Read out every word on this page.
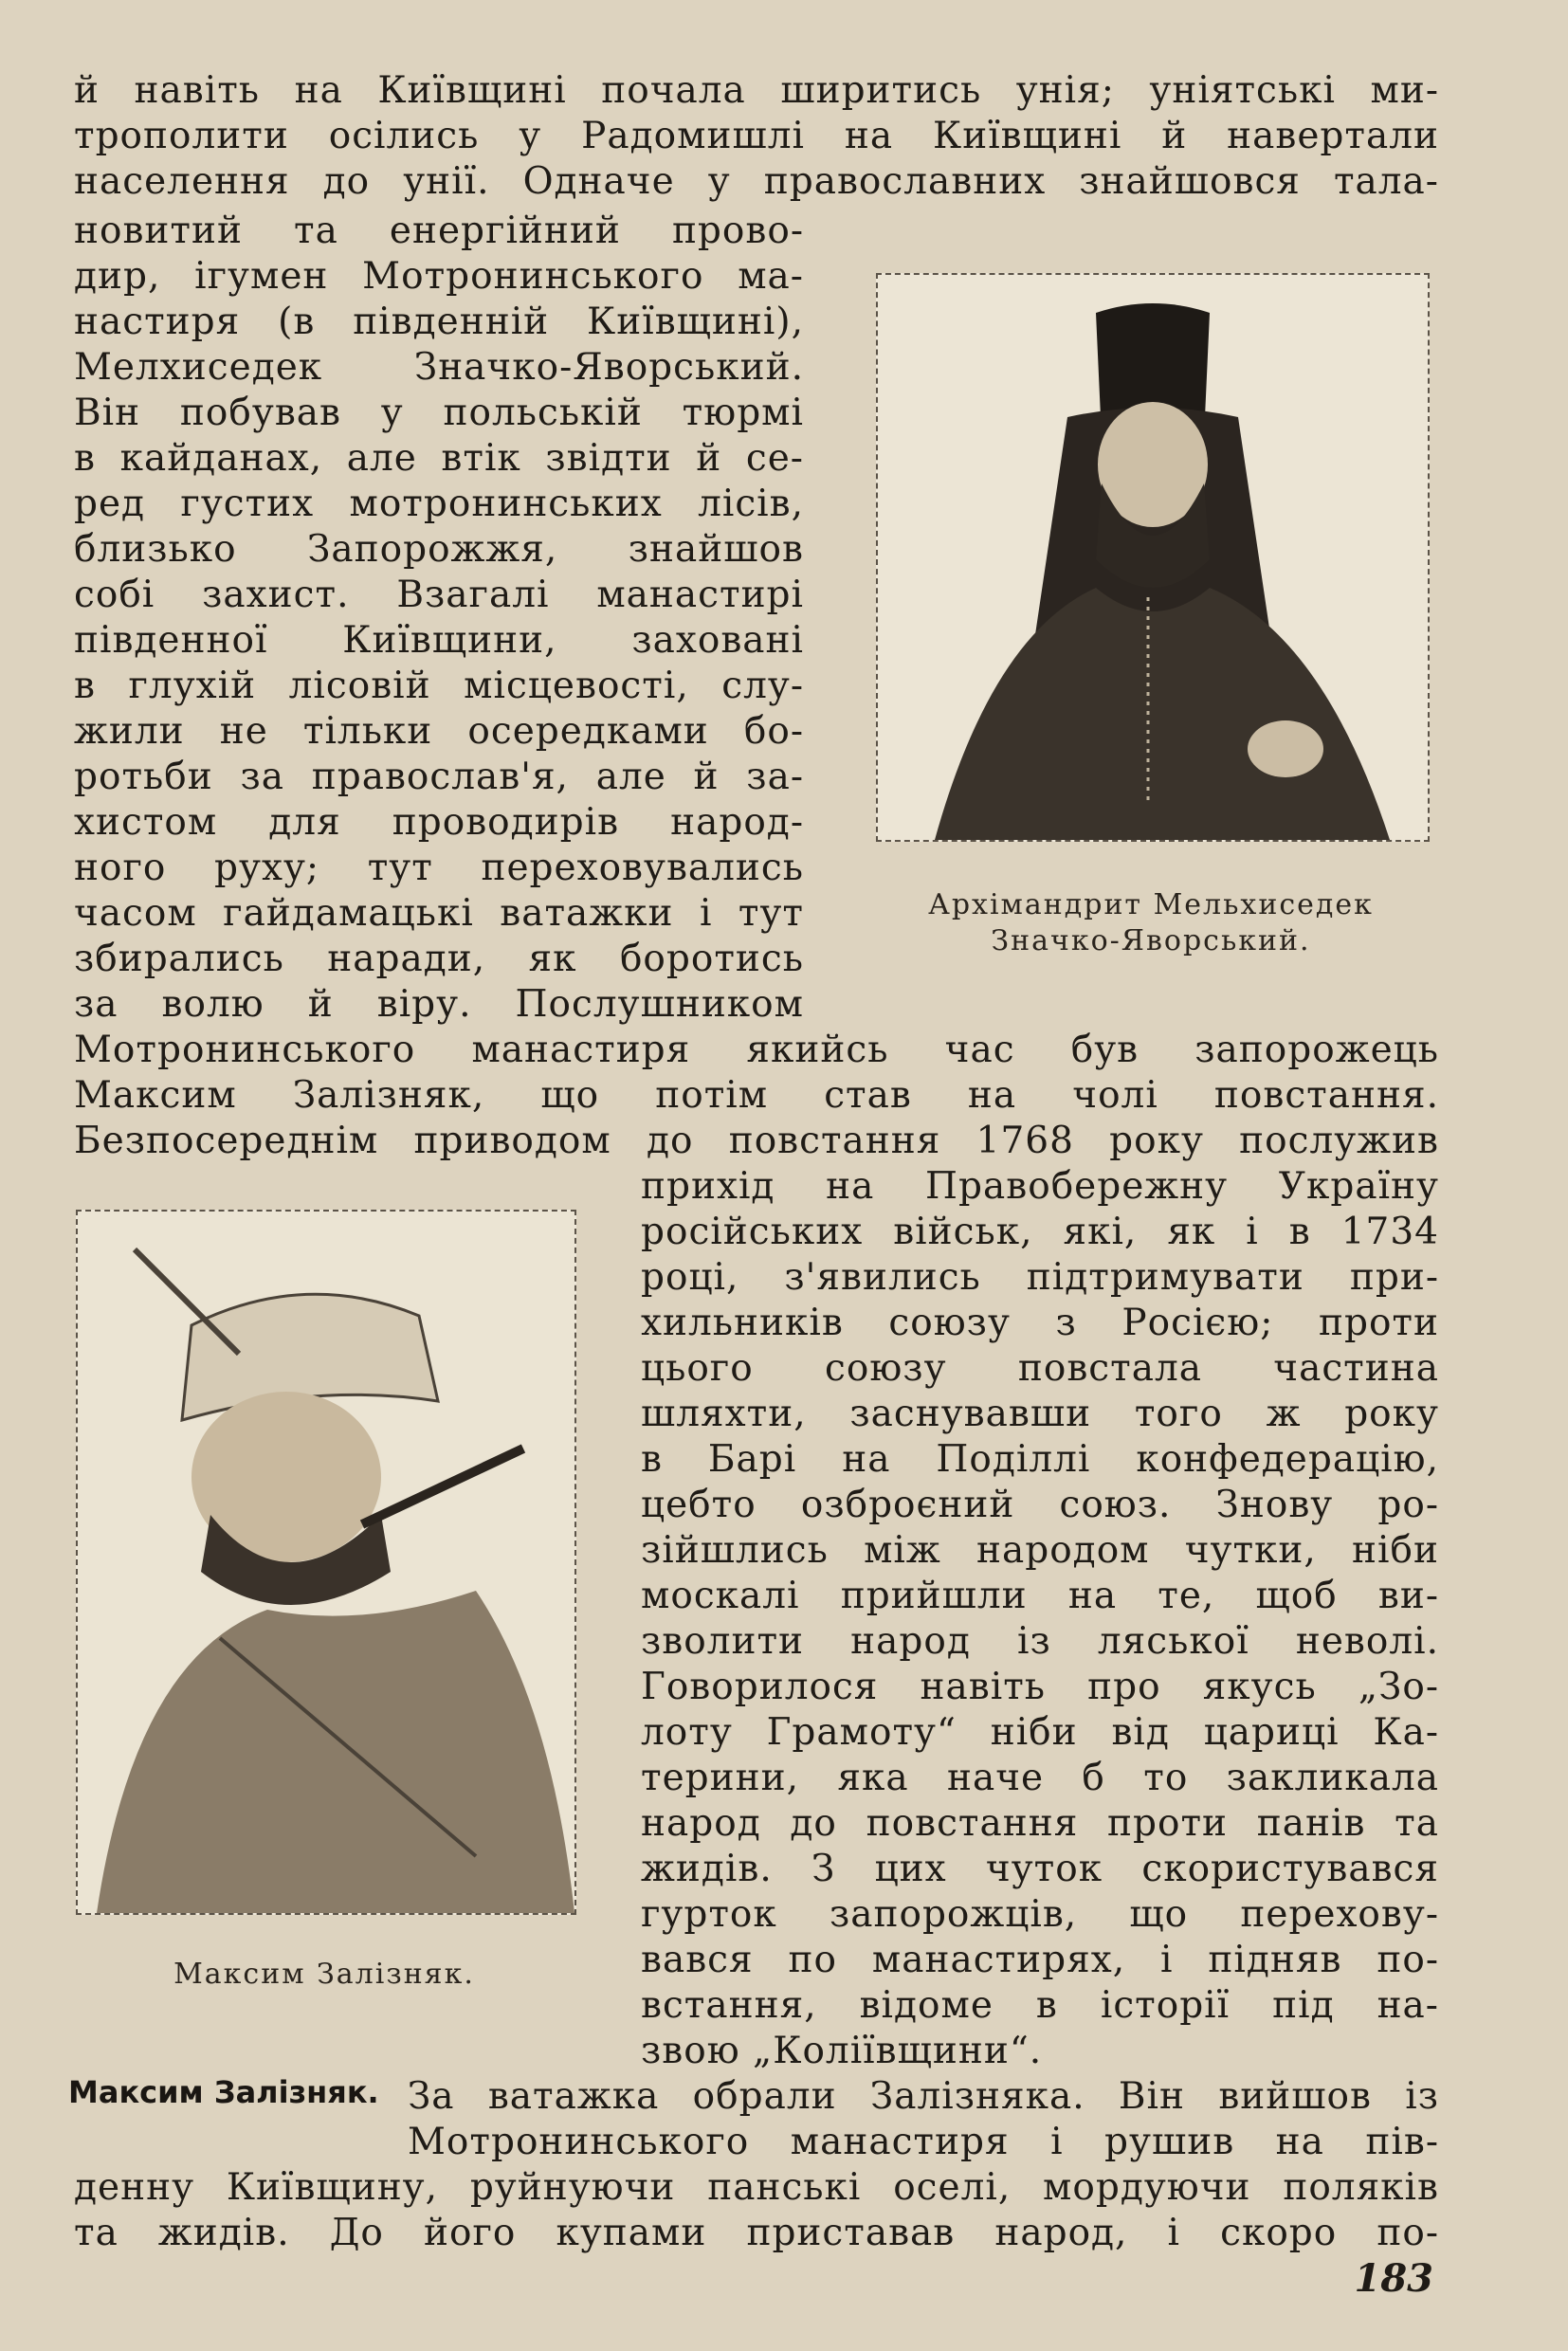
й навіть на Київщині почала ширитись унія; уніятські ми-
трополити осілись у Радомишлі на Київщині й навертали
населення до унії. Одначе у православних знайшовся тала-
новитий та енергійний прово-
дир, ігумен Мотронинського ма-
настиря (в південній Київщині),
Мелхиседек Значко-Яворський.
Він побував у польській тюрмі
в кайданах, але втік звідти й се-
ред густих мотронинських лісів,
близько Запорожжя, знайшов
собі захист. Взагалі манастирі
південної Київщини, заховані
в глухій лісовій місцевості, слу-
жили не тільки осередками бо-
ротьби за православ'я, але й за-
хистом для проводирів народ-
ного руху; тут переховувались
часом гайдамацькі ватажки і тут
збирались наради, як боротись
за волю й віру. Послушником
Архімандрит Мельхиседек
Значко-Яворський.
Мотронинського манастиря якийсь час був запорожець
Максим Залізняк, що потім став на чолі повстання.
Безпосереднім приводом до повстання 1768 року послужив
Максим Залізняк.
прихід на Правобережну Україну
російських військ, які, як і в 1734
році, з'явились підтримувати при-
хильників союзу з Росією; проти
цього союзу повстала частина
шляхти, заснувавши того ж року
в Барі на Поділлі конфедерацію,
цебто озброєний союз. Знову ро-
зійшлись між народом чутки, ніби
москалі прийшли на те, щоб ви-
зволити народ із ляської неволі.
Говорилося навіть про якусь „Зо-
лоту Грамоту“ ніби від цариці Ка-
терини, яка наче б то закликала
народ до повстання проти панів та
жидів. З цих чуток скористувався
гурток запорожців, що перехову-
вався по манастирях, і підняв по-
встання, відоме в історії під на-
звою „Коліївщини“.
Максим Залізняк. За ватажка обрали Залізняка. Він вийшов із
Мотронинського манастиря і рушив на пів-
денну Київщину, руйнуючи панські оселі, мордуючи поляків
та жидів. До його купами приставав народ, і скоро по-
183
